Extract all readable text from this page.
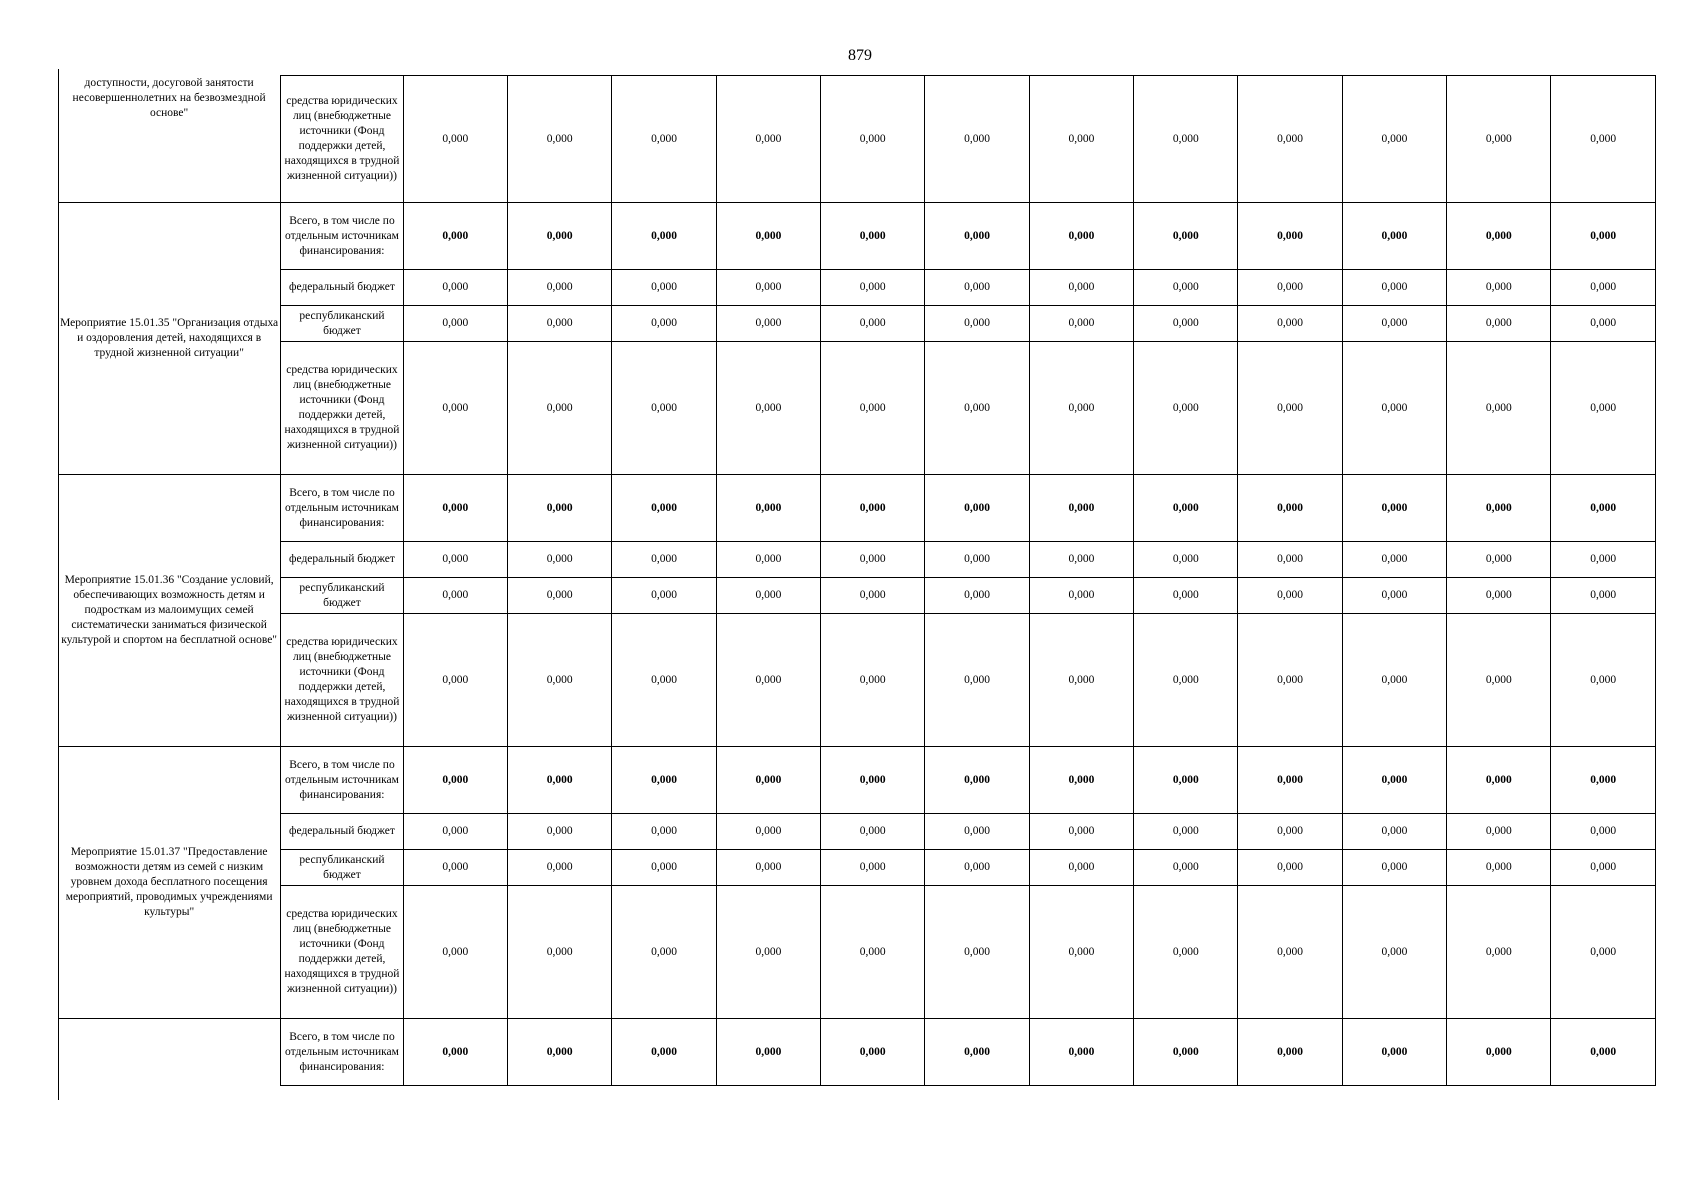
879
доступности, досуговой занятости несовершеннолетних на безвозмездной основе"	средства юридических лиц (внебюджетные источники (Фонд поддержки детей, находящихся в трудной жизненной ситуации))	0,000	0,000	0,000	0,000	0,000	0,000	0,000	0,000	0,000	0,000	0,000	0,000
Мероприятие 15.01.35 "Организация отдыха и оздоровления детей, находящихся в трудной жизненной ситуации"	Всего, в том числе по отдельным источникам финансирования:	0,000	0,000	0,000	0,000	0,000	0,000	0,000	0,000	0,000	0,000	0,000	0,000
	федеральный бюджет	0,000	0,000	0,000	0,000	0,000	0,000	0,000	0,000	0,000	0,000	0,000	0,000
	республиканский бюджет	0,000	0,000	0,000	0,000	0,000	0,000	0,000	0,000	0,000	0,000	0,000	0,000
	средства юридических лиц (внебюджетные источники (Фонд поддержки детей, находящихся в трудной жизненной ситуации))	0,000	0,000	0,000	0,000	0,000	0,000	0,000	0,000	0,000	0,000	0,000	0,000
Мероприятие 15.01.36 "Создание условий, обеспечивающих возможность детям и подросткам из малоимущих семей систематически заниматься физической культурой и спортом на бесплатной основе"	Всего, в том числе по отдельным источникам финансирования:	0,000	0,000	0,000	0,000	0,000	0,000	0,000	0,000	0,000	0,000	0,000	0,000
	федеральный бюджет	0,000	0,000	0,000	0,000	0,000	0,000	0,000	0,000	0,000	0,000	0,000	0,000
	республиканский бюджет	0,000	0,000	0,000	0,000	0,000	0,000	0,000	0,000	0,000	0,000	0,000	0,000
	средства юридических лиц (внебюджетные источники (Фонд поддержки детей, находящихся в трудной жизненной ситуации))	0,000	0,000	0,000	0,000	0,000	0,000	0,000	0,000	0,000	0,000	0,000	0,000
Мероприятие 15.01.37 "Предоставление возможности детям из семей с низким уровнем дохода бесплатного посещения мероприятий, проводимых учреждениями культуры"	Всего, в том числе по отдельным источникам финансирования:	0,000	0,000	0,000	0,000	0,000	0,000	0,000	0,000	0,000	0,000	0,000	0,000
	федеральный бюджет	0,000	0,000	0,000	0,000	0,000	0,000	0,000	0,000	0,000	0,000	0,000	0,000
	республиканский бюджет	0,000	0,000	0,000	0,000	0,000	0,000	0,000	0,000	0,000	0,000	0,000	0,000
	средства юридических лиц (внебюджетные источники (Фонд поддержки детей, находящихся в трудной жизненной ситуации))	0,000	0,000	0,000	0,000	0,000	0,000	0,000	0,000	0,000	0,000	0,000	0,000
	Всего, в том числе по отдельным источникам финансирования:	0,000	0,000	0,000	0,000	0,000	0,000	0,000	0,000	0,000	0,000	0,000	0,000
